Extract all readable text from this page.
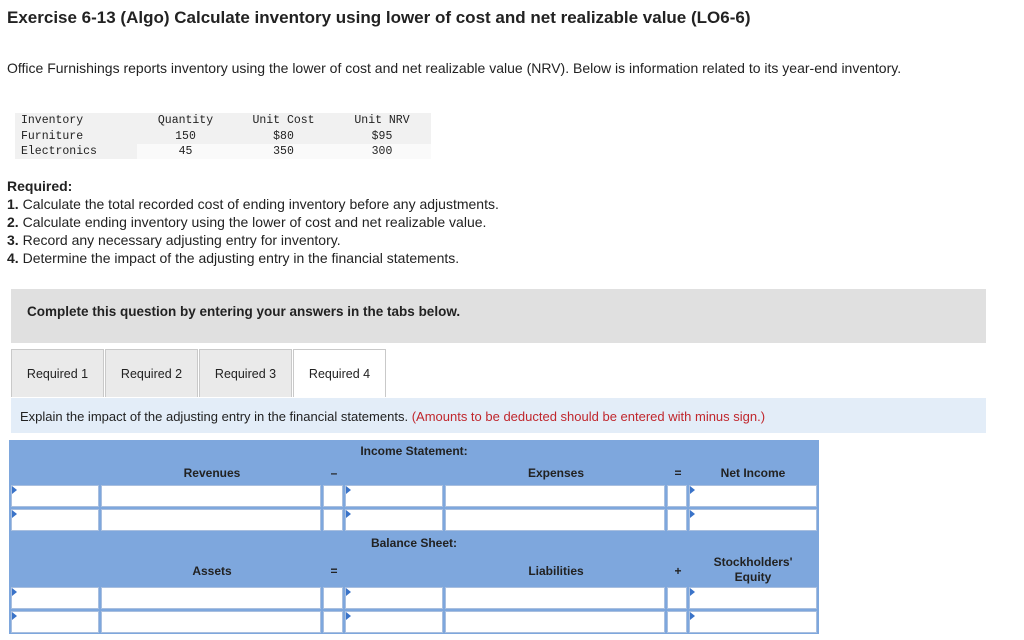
Exercise 6-13 (Algo) Calculate inventory using lower of cost and net realizable value (LO6-6)
Office Furnishings reports inventory using the lower of cost and net realizable value (NRV). Below is information related to its year-end inventory.
Inventory	Quantity	Unit Cost	Unit NRV
Furniture	150	$80	$95
Electronics	45	350	300
Required:
1. Calculate the total recorded cost of ending inventory before any adjustments.
2. Calculate ending inventory using the lower of cost and net realizable value.
3. Record any necessary adjusting entry for inventory.
4. Determine the impact of the adjusting entry in the financial statements.
Complete this question by entering your answers in the tabs below.
Required 1	Required 2	Required 3	Required 4
Explain the impact of the adjusting entry in the financial statements. (Amounts to be deducted should be entered with minus sign.)
Income Statement:
Revenues	–	Expenses	=	Net Income
Balance Sheet:
Assets	=	Liabilities	+
Stockholders' Equity
